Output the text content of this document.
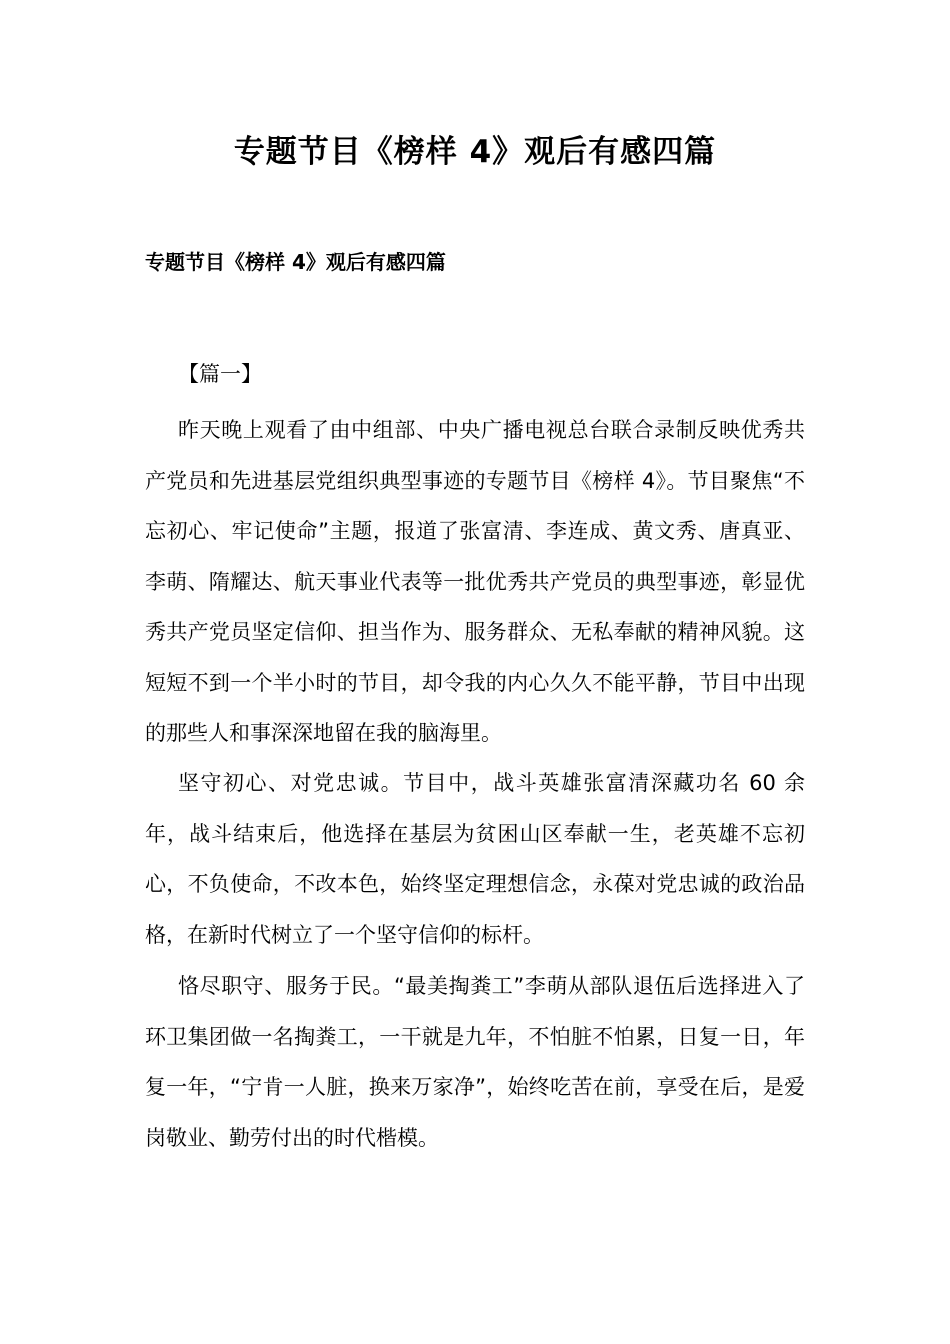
专题节目《榜样 4》观后有感四篇
专题节目《榜样 4》观后有感四篇

【篇一】

昨天晚上观看了由中组部、中央广播电视总台联合录制反映优秀共产党员和先进基层党组织典型事迹的专题节目《榜样 4》。节目聚焦“不忘初心、牢记使命”主题，报道了张富清、李连成、黄文秀、唐真亚、李萌、隋耀达、航天事业代表等一批优秀共产党员的典型事迹，彰显优秀共产党员坚定信仰、担当作为、服务群众、无私奉献的精神风貌。这短短不到一个半小时的节目，却令我的内心久久不能平静，节目中出现的那些人和事深深地留在我的脑海里。

坚守初心、对党忠诚。节目中，战斗英雄张富清深藏功名 60 余年，战斗结束后，他选择在基层为贫困山区奉献一生，老英雄不忘初心，不负使命，不改本色，始终坚定理想信念，永葆对党忠诚的政治品格，在新时代树立了一个坚守信仰的标杆。

恪尽职守、服务于民。“最美掏粪工”李萌从部队退伍后选择进入了环卫集团做一名掏粪工，一干就是九年，不怕脏不怕累，日复一日，年复一年，“宁肯一人脏，换来万家净”，始终吃苦在前，享受在后，是爱岗敬业、勤劳付出的时代楷模。
